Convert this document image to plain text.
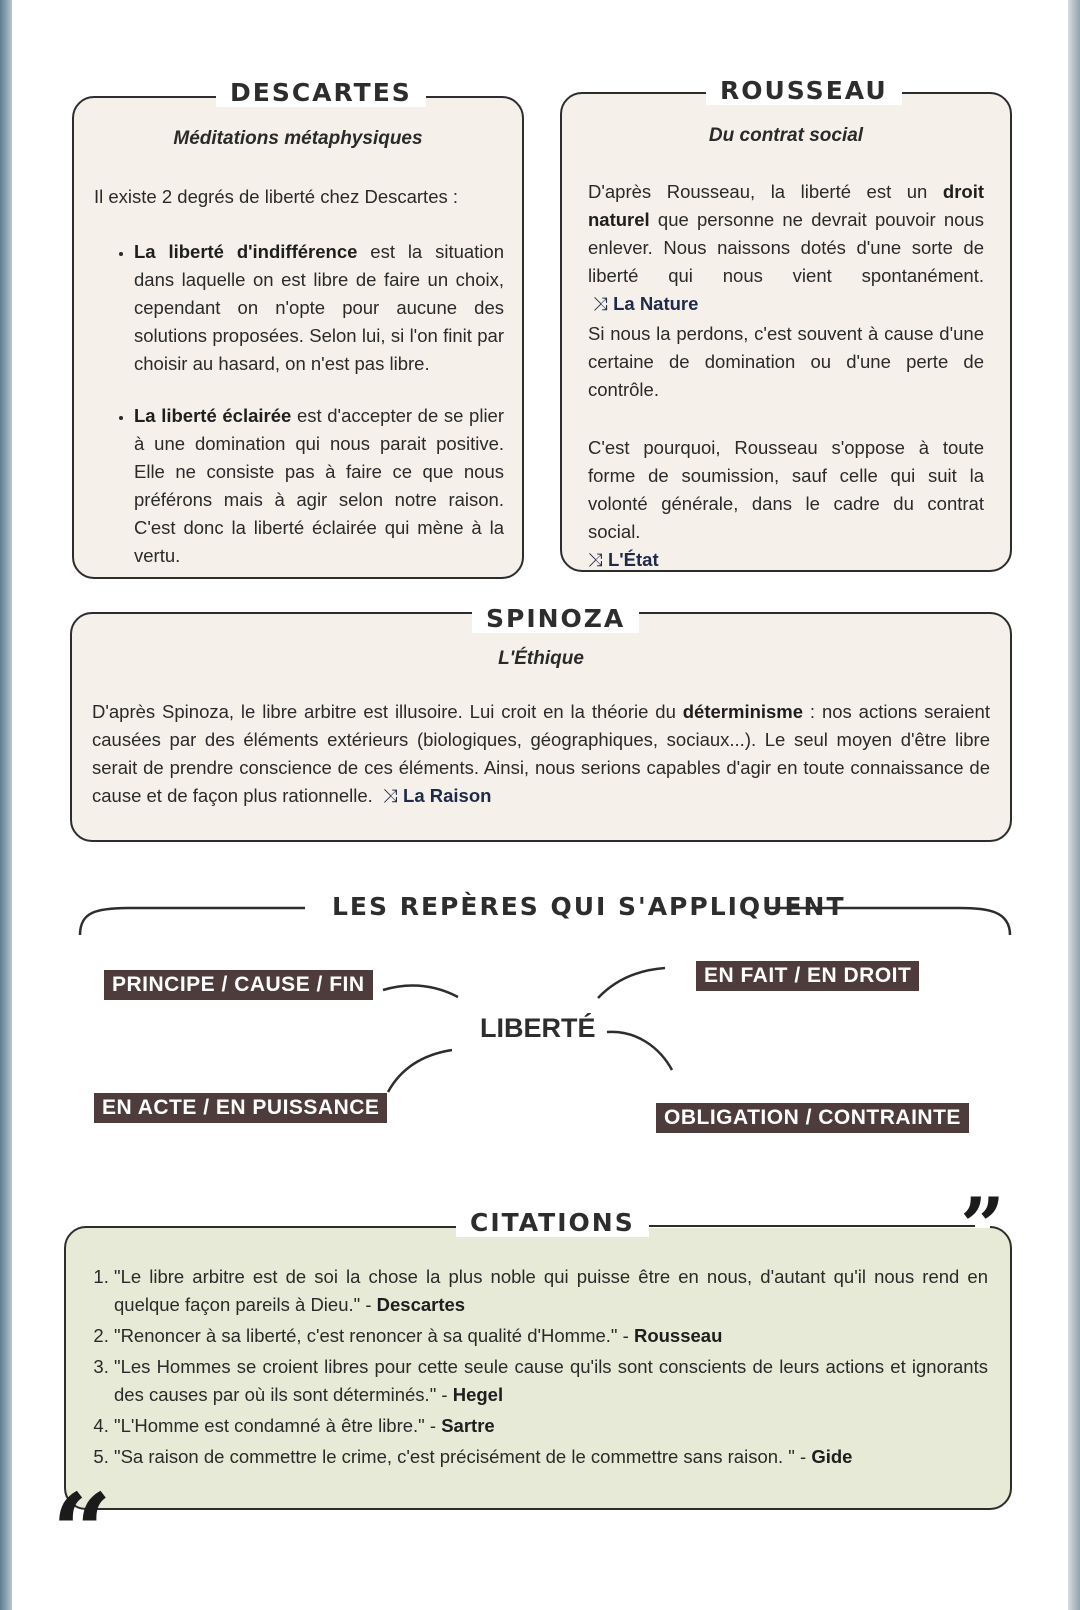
DESCARTES
Méditations métaphysiques
Il existe 2 degrés de liberté chez Descartes :
• La liberté d'indifférence est la situation dans laquelle on est libre de faire un choix, cependant on n'opte pour aucune des solutions proposées. Selon lui, si l'on finit par choisir au hasard, on n'est pas libre.
• La liberté éclairée est d'accepter de se plier à une domination qui nous parait positive. Elle ne consiste pas à faire ce que nous préférons mais à agir selon notre raison. C'est donc la liberté éclairée qui mène à la vertu.
ROUSSEAU
Du contrat social
D'après Rousseau, la liberté est un droit naturel que personne ne devrait pouvoir nous enlever. Nous naissons dotés d'une sorte de liberté qui nous vient spontanément.  ⤨ La Nature
Si nous la perdons, c'est souvent à cause d'une certaine de domination ou d'une perte de contrôle.
C'est pourquoi, Rousseau s'oppose à toute forme de soumission, sauf celle qui suit la volonté générale, dans le cadre du contrat social.
⤨ L'État
SPINOZA
L'Éthique
D'après Spinoza, le libre arbitre est illusoire. Lui croit en la théorie du déterminisme : nos actions seraient causées par des éléments extérieurs (biologiques, géographiques, sociaux...). Le seul moyen d'être libre serait de prendre conscience de ces éléments. Ainsi, nous serions capables d'agir en toute connaissance de cause et de façon plus rationnelle.  ⤨ La Raison
LES REPÈRES QUI S'APPLIQUENT
LIBERTÉ
PRINCIPE / CAUSE / FIN	EN FAIT / EN DROIT
EN ACTE / EN PUISSANCE	OBLIGATION / CONTRAINTE
CITATIONS	”
“
1. "Le libre arbitre est de soi la chose la plus noble qui puisse être en nous, d'autant qu'il nous rend en quelque façon pareils à Dieu." - Descartes
2. "Renoncer à sa liberté, c'est renoncer à sa qualité d'Homme." - Rousseau
3. "Les Hommes se croient libres pour cette seule cause qu'ils sont conscients de leurs actions et ignorants des causes par où ils sont déterminés." - Hegel
4. "L'Homme est condamné à être libre." - Sartre
5. "Sa raison de commettre le crime, c'est précisément de le commettre sans raison. " - Gide
